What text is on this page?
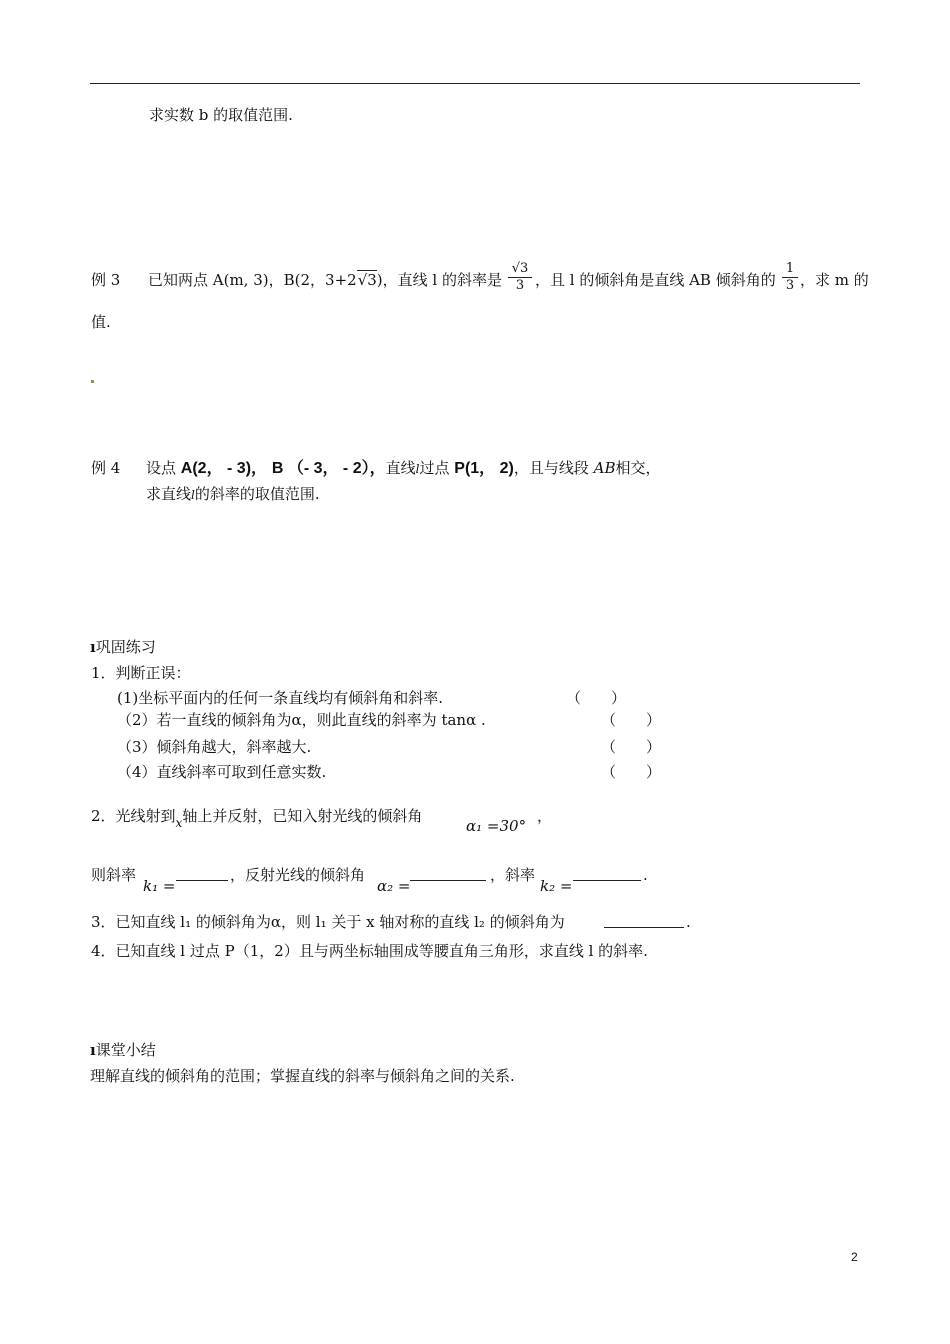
求实数 b 的取值范围.
例 3 已知两点 A(m, 3)，B(2，3+2√3)，直线 l 的斜率是 $\frac{√3}{3}$ ，且 l 的倾斜角是直线 AB 倾斜角的 $\frac{1}{3}$ ，求 m 的
值.
例 4 设点 A(2， - 3)， B （- 3， - 2），直线l过点 P(1， 2)，且与线段 AB相交，
求直线l的斜率的取值范围.
ı巩固练习
1．判断正误：
(1)坐标平面内的任何一条直线均有倾斜角和斜率.	（　　）
（2）若一直线的倾斜角为α，则此直线的斜率为 tanα .	（　　）
（3）倾斜角越大，斜率越大.	（　　）
（4）直线斜率可取到任意实数.	（　　）
2．光线射到$_x$轴上并反射，已知入射光线的倾斜角
α₁ =30°
，
则斜率
k₁ =
，反射光线的倾斜角
α₂ =
，斜率
k₂ =
.
3．已知直线 l₁ 的倾斜角为α，则 l₁ 关于 x 轴对称的直线 l₂ 的倾斜角为	.
4．已知直线 l 过点 P（1，2）且与两坐标轴围成等腰直角三角形，求直线 l 的斜率.
ı课堂小结
理解直线的倾斜角的范围；掌握直线的斜率与倾斜角之间的关系.
2
